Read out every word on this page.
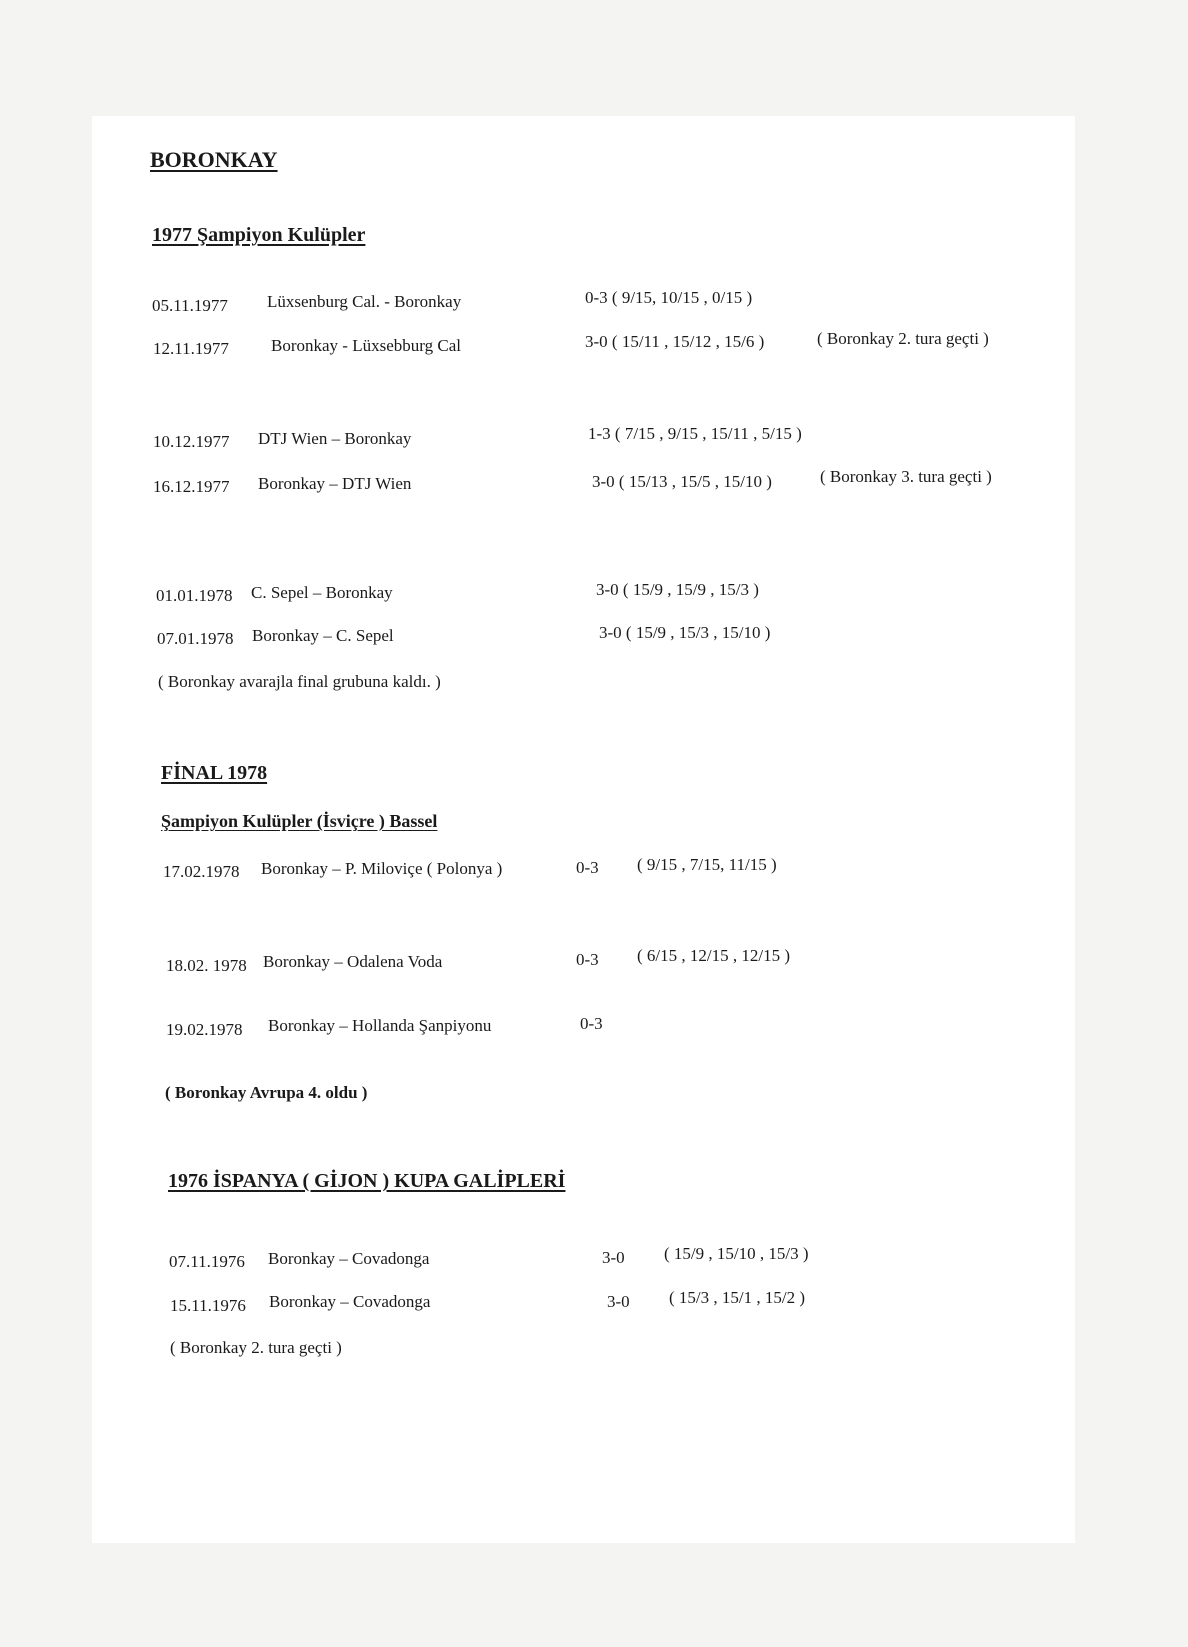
BORONKAY
1977 Şampiyon Kulüpler
05.11.1977 Lüxsenburg Cal. - Boronkay	0-3 ( 9/15, 10/15 , 0/15 )
12.11.1977 Boronkay - Lüxsebburg Cal	3-0 ( 15/11 , 15/12 , 15/6 )	( Boronkay 2. tura geçti )
10.12.1977 DTJ Wien – Boronkay	1-3 ( 7/15 , 9/15 , 15/11 , 5/15 )
16.12.1977 Boronkay – DTJ Wien	3-0 ( 15/13 , 15/5 , 15/10 )	( Boronkay 3. tura geçti )
01.01.1978 C. Sepel – Boronkay	3-0 ( 15/9 , 15/9 , 15/3 )
07.01.1978 Boronkay – C. Sepel	3-0 ( 15/9 , 15/3 , 15/10 )
( Boronkay avarajla final grubuna kaldı. )
FİNAL 1978
Şampiyon Kulüpler (İsviçre ) Bassel
17.02.1978 Boronkay – P. Miloviçe ( Polonya )	0-3 ( 9/15 , 7/15, 11/15 )
18.02. 1978 Boronkay – Odalena Voda	0-3 ( 6/15 , 12/15 , 12/15 )
19.02.1978 Boronkay – Hollanda Şanpiyonu	0-3
( Boronkay Avrupa 4. oldu )
1976 İSPANYA ( GİJON ) KUPA GALİPLERİ
07.11.1976 Boronkay – Covadonga	3-0 ( 15/9 , 15/10 , 15/3 )
15.11.1976 Boronkay – Covadonga	3-0 ( 15/3 , 15/1 , 15/2 )
( Boronkay 2. tura geçti )
